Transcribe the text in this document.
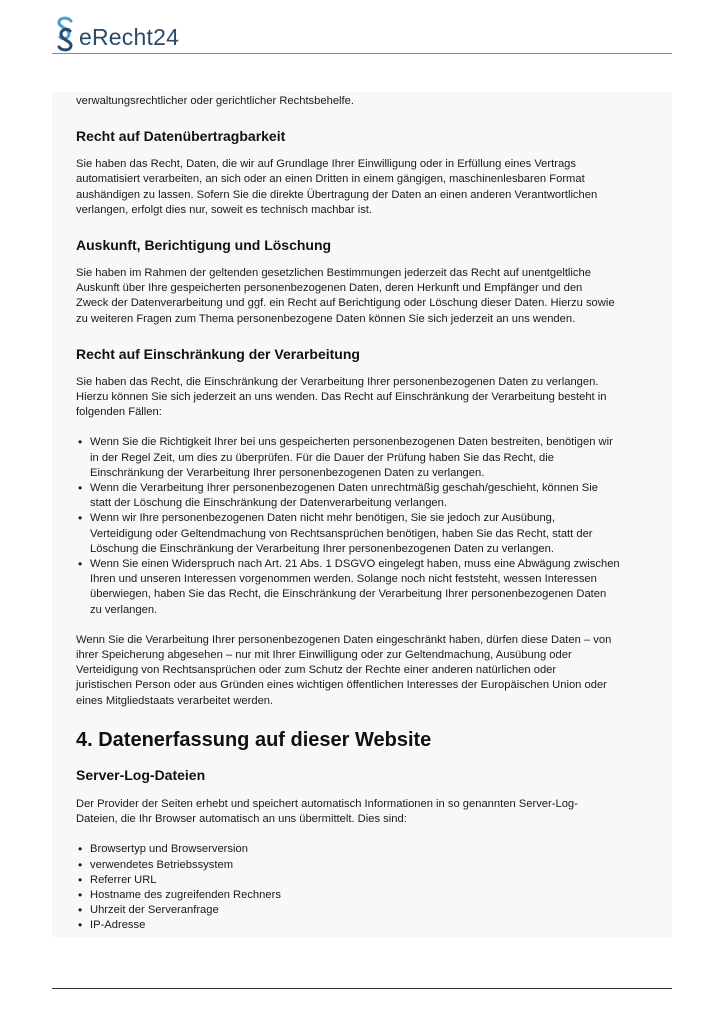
eRecht24

verwaltungsrechtlicher oder gerichtlicher Rechtsbehelfe.

Recht auf Datenübertragbarkeit

Sie haben das Recht, Daten, die wir auf Grundlage Ihrer Einwilligung oder in Erfüllung eines Vertrags

automatisiert verarbeiten, an sich oder an einen Dritten in einem gängigen, maschinenlesbaren Format

aushändigen zu lassen. Sofern Sie die direkte Übertragung der Daten an einen anderen Verantwortlichen

verlangen, erfolgt dies nur, soweit es technisch machbar ist.

Auskunft, Berichtigung und Löschung

Sie haben im Rahmen der geltenden gesetzlichen Bestimmungen jederzeit das Recht auf unentgeltliche

Auskunft über Ihre gespeicherten personenbezogenen Daten, deren Herkunft und Empfänger und den

Zweck der Datenverarbeitung und ggf. ein Recht auf Berichtigung oder Löschung dieser Daten. Hierzu sowie

zu weiteren Fragen zum Thema personenbezogene Daten können Sie sich jederzeit an uns wenden.

Recht auf Einschränkung der Verarbeitung

Sie haben das Recht, die Einschränkung der Verarbeitung Ihrer personenbezogenen Daten zu verlangen.

Hierzu können Sie sich jederzeit an uns wenden. Das Recht auf Einschränkung der Verarbeitung besteht in

folgenden Fällen:

• Wenn Sie die Richtigkeit Ihrer bei uns gespeicherten personenbezogenen Daten bestreiten, benötigen wir
in der Regel Zeit, um dies zu überprüfen. Für die Dauer der Prüfung haben Sie das Recht, die
Einschränkung der Verarbeitung Ihrer personenbezogenen Daten zu verlangen.
• Wenn die Verarbeitung Ihrer personenbezogenen Daten unrechtmäßig geschah/geschieht, können Sie
statt der Löschung die Einschränkung der Datenverarbeitung verlangen.
• Wenn wir Ihre personenbezogenen Daten nicht mehr benötigen, Sie sie jedoch zur Ausübung,
Verteidigung oder Geltendmachung von Rechtsansprüchen benötigen, haben Sie das Recht, statt der
Löschung die Einschränkung der Verarbeitung Ihrer personenbezogenen Daten zu verlangen.
• Wenn Sie einen Widerspruch nach Art. 21 Abs. 1 DSGVO eingelegt haben, muss eine Abwägung zwischen
Ihren und unseren Interessen vorgenommen werden. Solange noch nicht feststeht, wessen Interessen
überwiegen, haben Sie das Recht, die Einschränkung der Verarbeitung Ihrer personenbezogenen Daten
zu verlangen.

Wenn Sie die Verarbeitung Ihrer personenbezogenen Daten eingeschränkt haben, dürfen diese Daten – von

ihrer Speicherung abgesehen – nur mit Ihrer Einwilligung oder zur Geltendmachung, Ausübung oder

Verteidigung von Rechtsansprüchen oder zum Schutz der Rechte einer anderen natürlichen oder

juristischen Person oder aus Gründen eines wichtigen öffentlichen Interesses der Europäischen Union oder

eines Mitgliedstaats verarbeitet werden.

4. Datenerfassung auf dieser Website
Server-Log-Dateien

Der Provider der Seiten erhebt und speichert automatisch Informationen in so genannten Server-Log-

Dateien, die Ihr Browser automatisch an uns übermittelt. Dies sind:

• Browsertyp und Browserversion
• verwendetes Betriebssystem
• Referrer URL
• Hostname des zugreifenden Rechners
• Uhrzeit der Serveranfrage
• IP-Adresse
